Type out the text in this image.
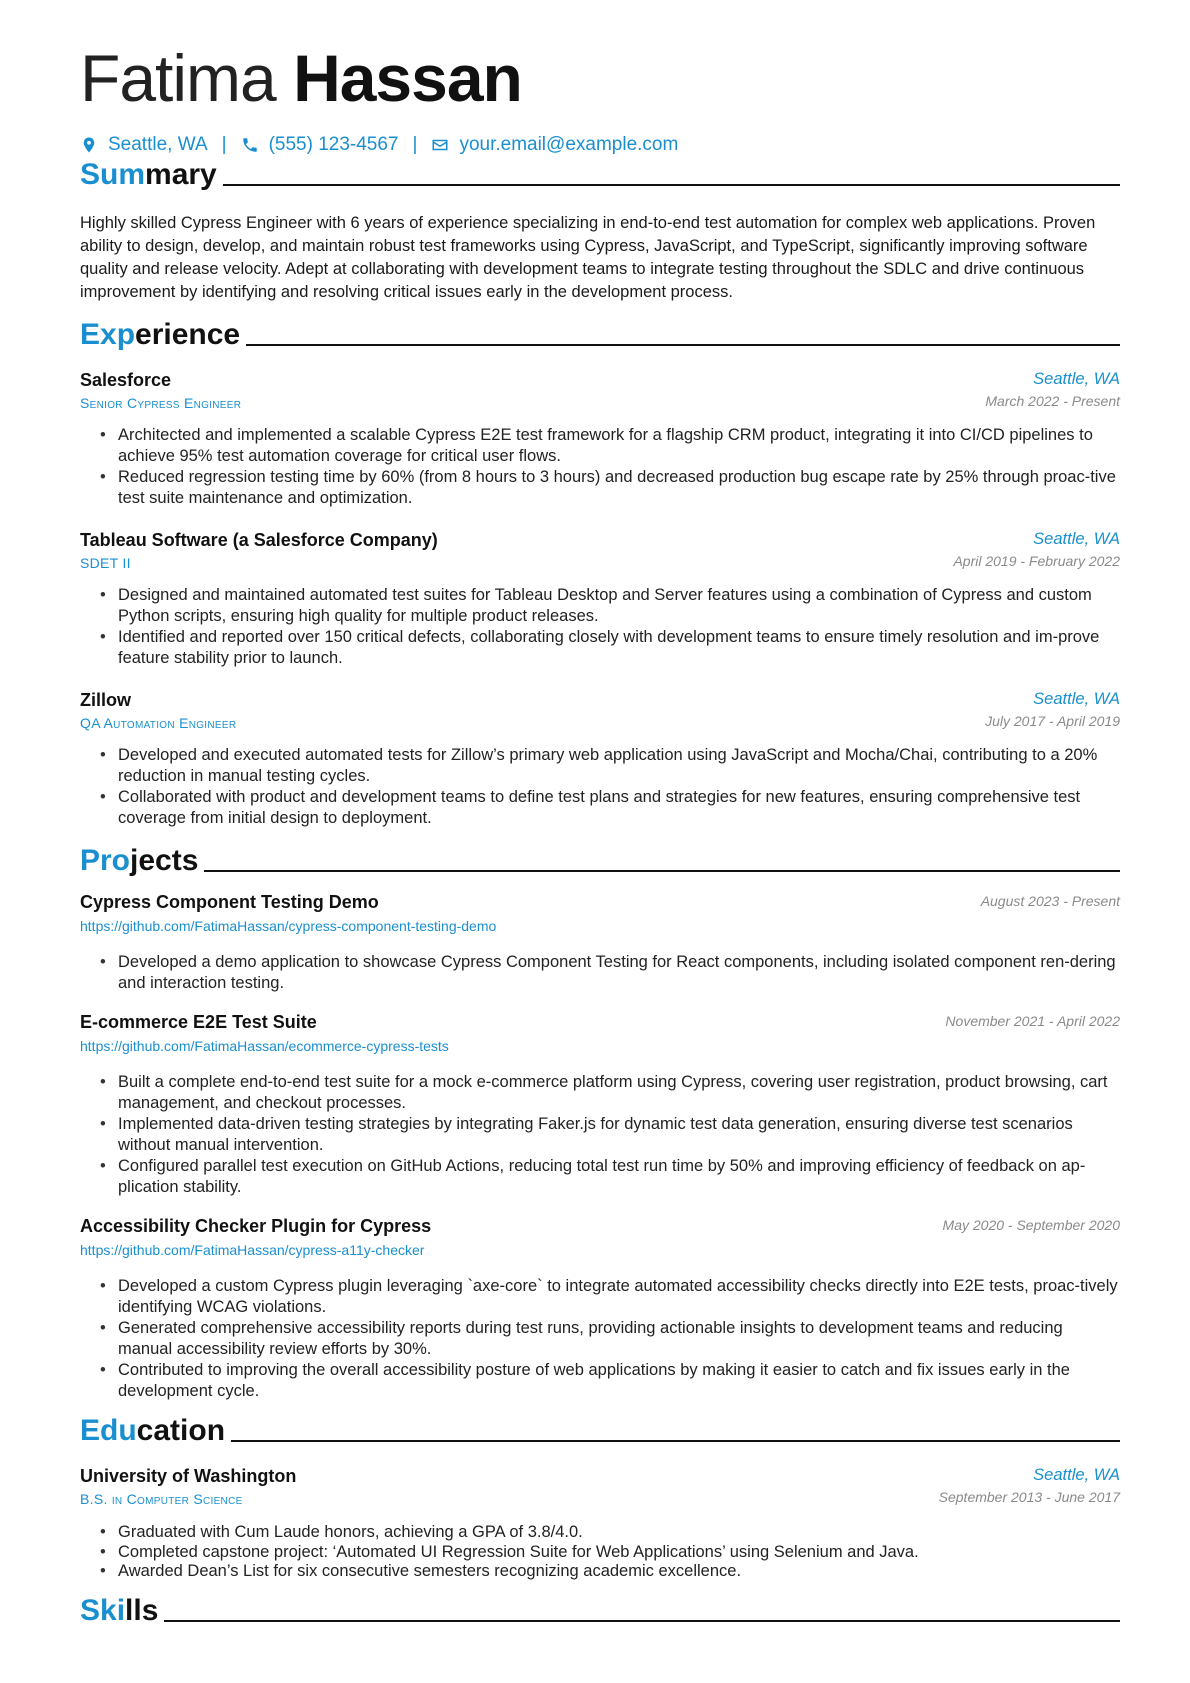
Fatima Hassan
Seattle, WA | (555) 123-4567 | your.email@example.com
Summary
Highly skilled Cypress Engineer with 6 years of experience specializing in end-to-end test automation for complex web applications. Proven ability to design, develop, and maintain robust test frameworks using Cypress, JavaScript, and TypeScript, significantly improving software quality and release velocity. Adept at collaborating with development teams to integrate testing throughout the SDLC and drive continuous improvement by identifying and resolving critical issues early in the development process.
Experience
Salesforce	Seattle, WA
Senior Cypress Engineer	March 2022 - Present
• Architected and implemented a scalable Cypress E2E test framework for a flagship CRM product, integrating it into CI/CD pipelines to achieve 95% test automation coverage for critical user flows.
• Reduced regression testing time by 60% (from 8 hours to 3 hours) and decreased production bug escape rate by 25% through proac-tive test suite maintenance and optimization.
Tableau Software (a Salesforce Company)	Seattle, WA
SDET II	April 2019 - February 2022
• Designed and maintained automated test suites for Tableau Desktop and Server features using a combination of Cypress and custom Python scripts, ensuring high quality for multiple product releases.
• Identified and reported over 150 critical defects, collaborating closely with development teams to ensure timely resolution and im-prove feature stability prior to launch.
Zillow	Seattle, WA
QA Automation Engineer	July 2017 - April 2019
• Developed and executed automated tests for Zillow’s primary web application using JavaScript and Mocha/Chai, contributing to a 20% reduction in manual testing cycles.
• Collaborated with product and development teams to define test plans and strategies for new features, ensuring comprehensive test coverage from initial design to deployment.
Projects
Cypress Component Testing Demo	August 2023 - Present
https://github.com/FatimaHassan/cypress-component-testing-demo
• Developed a demo application to showcase Cypress Component Testing for React components, including isolated component ren-dering and interaction testing.
E-commerce E2E Test Suite	November 2021 - April 2022
https://github.com/FatimaHassan/ecommerce-cypress-tests
• Built a complete end-to-end test suite for a mock e-commerce platform using Cypress, covering user registration, product browsing, cart management, and checkout processes.
• Implemented data-driven testing strategies by integrating Faker.js for dynamic test data generation, ensuring diverse test scenarios without manual intervention.
• Configured parallel test execution on GitHub Actions, reducing total test run time by 50% and improving efficiency of feedback on ap-plication stability.
Accessibility Checker Plugin for Cypress	May 2020 - September 2020
https://github.com/FatimaHassan/cypress-a11y-checker
• Developed a custom Cypress plugin leveraging `axe-core` to integrate automated accessibility checks directly into E2E tests, proac-tively identifying WCAG violations.
• Generated comprehensive accessibility reports during test runs, providing actionable insights to development teams and reducing manual accessibility review efforts by 30%.
• Contributed to improving the overall accessibility posture of web applications by making it easier to catch and fix issues early in the development cycle.
Education
University of Washington	Seattle, WA
B.S. in Computer Science	September 2013 - June 2017
• Graduated with Cum Laude honors, achieving a GPA of 3.8/4.0.
• Completed capstone project: ‘Automated UI Regression Suite for Web Applications’ using Selenium and Java.
• Awarded Dean’s List for six consecutive semesters recognizing academic excellence.
Skills
